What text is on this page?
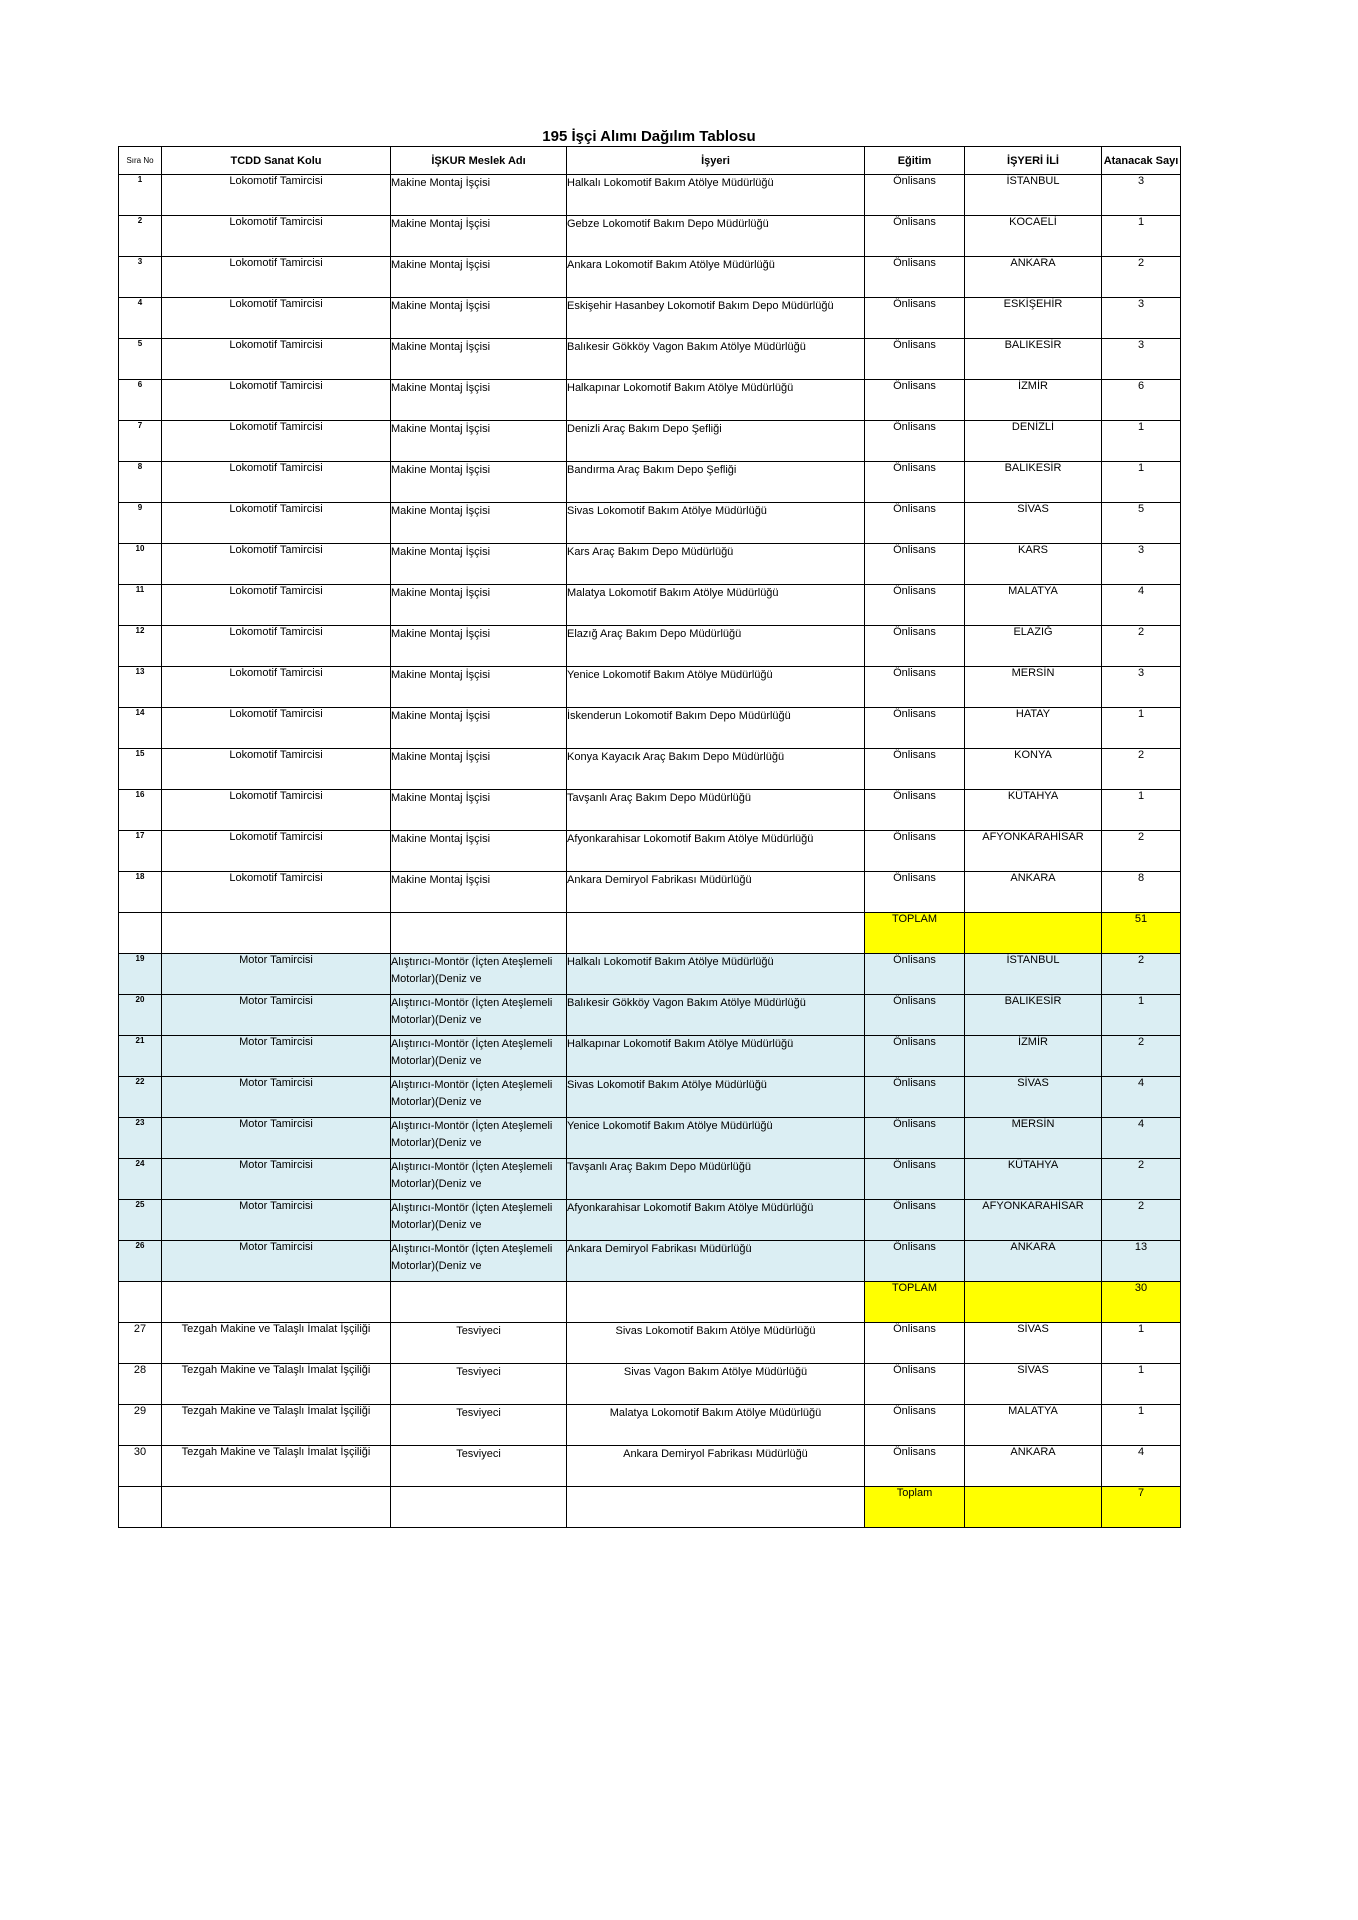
195 İşçi Alımı Dağılım Tablosu
Sıra No	TCDD Sanat Kolu	İŞKUR Meslek Adı	İşyeri	Eğitim	İŞYERİ İLİ	Atanacak Sayı
1	Lokomotif Tamircisi	Makine Montaj İşçisi	Halkalı Lokomotif Bakım Atölye Müdürlüğü	Önlisans	İSTANBUL	3
2	Lokomotif Tamircisi	Makine Montaj İşçisi	Gebze Lokomotif Bakım Depo Müdürlüğü	Önlisans	KOCAELİ	1
3	Lokomotif Tamircisi	Makine Montaj İşçisi	Ankara Lokomotif Bakım Atölye Müdürlüğü	Önlisans	ANKARA	2
4	Lokomotif Tamircisi	Makine Montaj İşçisi	Eskişehir Hasanbey Lokomotif Bakım Depo Müdürlüğü	Önlisans	ESKİŞEHİR	3
5	Lokomotif Tamircisi	Makine Montaj İşçisi	Balıkesir Gökköy Vagon Bakım Atölye Müdürlüğü	Önlisans	BALIKESİR	3
6	Lokomotif Tamircisi	Makine Montaj İşçisi	Halkapınar Lokomotif Bakım Atölye Müdürlüğü	Önlisans	İZMİR	6
7	Lokomotif Tamircisi	Makine Montaj İşçisi	Denizli Araç Bakım Depo Şefliği	Önlisans	DENİZLİ	1
8	Lokomotif Tamircisi	Makine Montaj İşçisi	Bandırma Araç Bakım Depo Şefliği	Önlisans	BALIKESİR	1
9	Lokomotif Tamircisi	Makine Montaj İşçisi	Sivas Lokomotif Bakım Atölye Müdürlüğü	Önlisans	SİVAS	5
10	Lokomotif Tamircisi	Makine Montaj İşçisi	Kars Araç Bakım Depo Müdürlüğü	Önlisans	KARS	3
11	Lokomotif Tamircisi	Makine Montaj İşçisi	Malatya Lokomotif Bakım Atölye Müdürlüğü	Önlisans	MALATYA	4
12	Lokomotif Tamircisi	Makine Montaj İşçisi	Elazığ Araç Bakım Depo Müdürlüğü	Önlisans	ELAZIĞ	2
13	Lokomotif Tamircisi	Makine Montaj İşçisi	Yenice Lokomotif Bakım Atölye Müdürlüğü	Önlisans	MERSİN	3
14	Lokomotif Tamircisi	Makine Montaj İşçisi	İskenderun Lokomotif Bakım Depo Müdürlüğü	Önlisans	HATAY	1
15	Lokomotif Tamircisi	Makine Montaj İşçisi	Konya Kayacık Araç Bakım Depo Müdürlüğü	Önlisans	KONYA	2
16	Lokomotif Tamircisi	Makine Montaj İşçisi	Tavşanlı Araç Bakım Depo Müdürlüğü	Önlisans	KÜTAHYA	1
17	Lokomotif Tamircisi	Makine Montaj İşçisi	Afyonkarahisar Lokomotif Bakım Atölye Müdürlüğü	Önlisans	AFYONKARAHİSAR	2
18	Lokomotif Tamircisi	Makine Montaj İşçisi	Ankara Demiryol Fabrikası Müdürlüğü	Önlisans	ANKARA	8
				TOPLAM		51
19	Motor Tamircisi	Alıştırıcı-Montör (İçten Ateşlemeli Motorlar)(Deniz ve	Halkalı Lokomotif Bakım Atölye Müdürlüğü	Önlisans	İSTANBUL	2
20	Motor Tamircisi	Alıştırıcı-Montör (İçten Ateşlemeli Motorlar)(Deniz ve	Balıkesir Gökköy Vagon Bakım Atölye Müdürlüğü	Önlisans	BALIKESİR	1
21	Motor Tamircisi	Alıştırıcı-Montör (İçten Ateşlemeli Motorlar)(Deniz ve	Halkapınar Lokomotif Bakım Atölye Müdürlüğü	Önlisans	İZMİR	2
22	Motor Tamircisi	Alıştırıcı-Montör (İçten Ateşlemeli Motorlar)(Deniz ve	Sivas Lokomotif Bakım Atölye Müdürlüğü	Önlisans	SİVAS	4
23	Motor Tamircisi	Alıştırıcı-Montör (İçten Ateşlemeli Motorlar)(Deniz ve	Yenice Lokomotif Bakım Atölye Müdürlüğü	Önlisans	MERSİN	4
24	Motor Tamircisi	Alıştırıcı-Montör (İçten Ateşlemeli Motorlar)(Deniz ve	Tavşanlı Araç Bakım Depo Müdürlüğü	Önlisans	KÜTAHYA	2
25	Motor Tamircisi	Alıştırıcı-Montör (İçten Ateşlemeli Motorlar)(Deniz ve	Afyonkarahisar Lokomotif Bakım Atölye Müdürlüğü	Önlisans	AFYONKARAHİSAR	2
26	Motor Tamircisi	Alıştırıcı-Montör (İçten Ateşlemeli Motorlar)(Deniz ve	Ankara Demiryol Fabrikası Müdürlüğü	Önlisans	ANKARA	13
				TOPLAM		30
27	Tezgah Makine ve Talaşlı İmalat İşçiliği	Tesviyeci	Sivas Lokomotif Bakım Atölye Müdürlüğü	Önlisans	SİVAS	1
28	Tezgah Makine ve Talaşlı İmalat İşçiliği	Tesviyeci	Sivas Vagon Bakım Atölye Müdürlüğü	Önlisans	SİVAS	1
29	Tezgah Makine ve Talaşlı İmalat İşçiliği	Tesviyeci	Malatya Lokomotif Bakım Atölye Müdürlüğü	Önlisans	MALATYA	1
30	Tezgah Makine ve Talaşlı İmalat İşçiliği	Tesviyeci	Ankara Demiryol Fabrikası Müdürlüğü	Önlisans	ANKARA	4
				Toplam		7
